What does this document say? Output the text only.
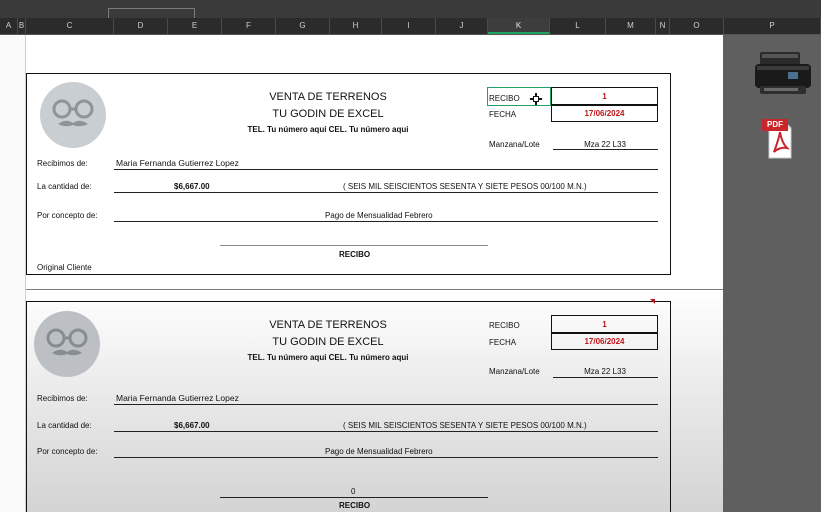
A B	C	D	E	F	G	H	I	J	K	L	M	N	O	P
VENTA DE TERRENOS
TU GODIN DE EXCEL
TEL. Tu número aqui CEL. Tu número aqui
RECIBO	1
FECHA	17/06/2024
Manzana/Lote	Mza 22 L33
Recibimos de:	Maria Fernanda Gutierrez Lopez
La cantidad de:	$6,667.00	( SEIS MIL SEISCIENTOS SESENTA Y SIETE PESOS 00/100 M.N.)
Por concepto de:	Pago de Mensualidad Febrero
RECIBO
Original Cliente
VENTA DE TERRENOS
TU GODIN DE EXCEL
TEL. Tu número aqui CEL. Tu número aqui
RECIBO	1
FECHA	17/06/2024
Manzana/Lote	Mza 22 L33
Recibimos de:	Maria Fernanda Gutierrez Lopez
La cantidad de:	$6,667.00	( SEIS MIL SEISCIENTOS SESENTA Y SIETE PESOS 00/100 M.N.)
Por concepto de:	Pago de Mensualidad Febrero
0
RECIBO
PDF
